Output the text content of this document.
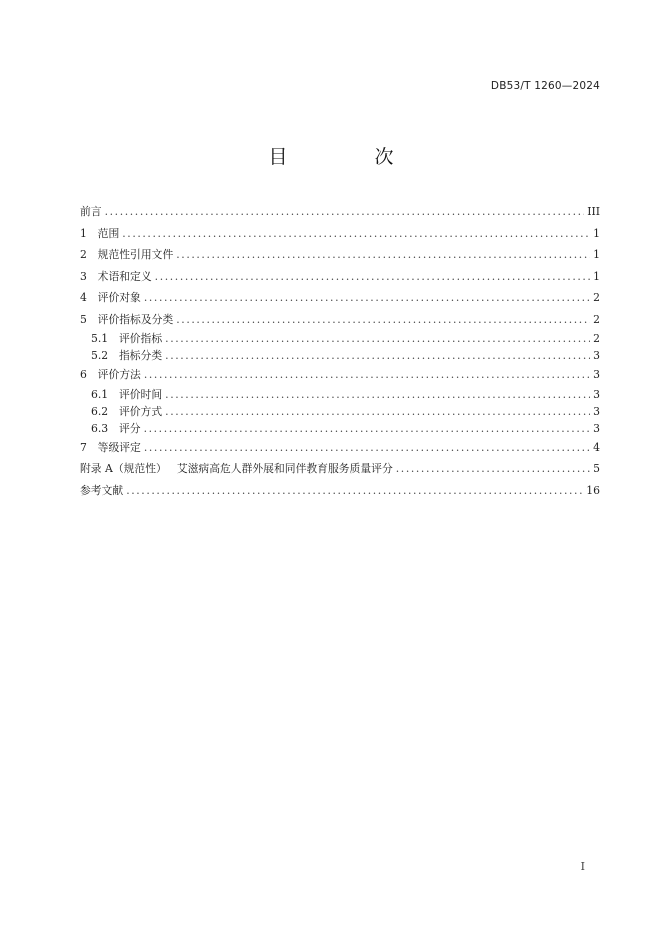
DB53/T 1260—2024
目　次
前言 .....	III
1　 范围 .....	1
2　 规范性引用文件 .....	1
3　 术语和定义 .....	1
4　 评价对象 .....	2
5　 评价指标及分类 .....	2
5.1　 评价指标 .....	2
5.2　 指标分类 .....	3
6　 评价方法 .....	3
6.1　 评价时间 .....	3
6.2　 评价方式 .....	3
6.3　 评分 .....	3
7　 等级评定 .....	4
附录 A（规范性） 艾滋病高危人群外展和同伴教育服务质量评分 .....	5
参考文献 .....	16
I
